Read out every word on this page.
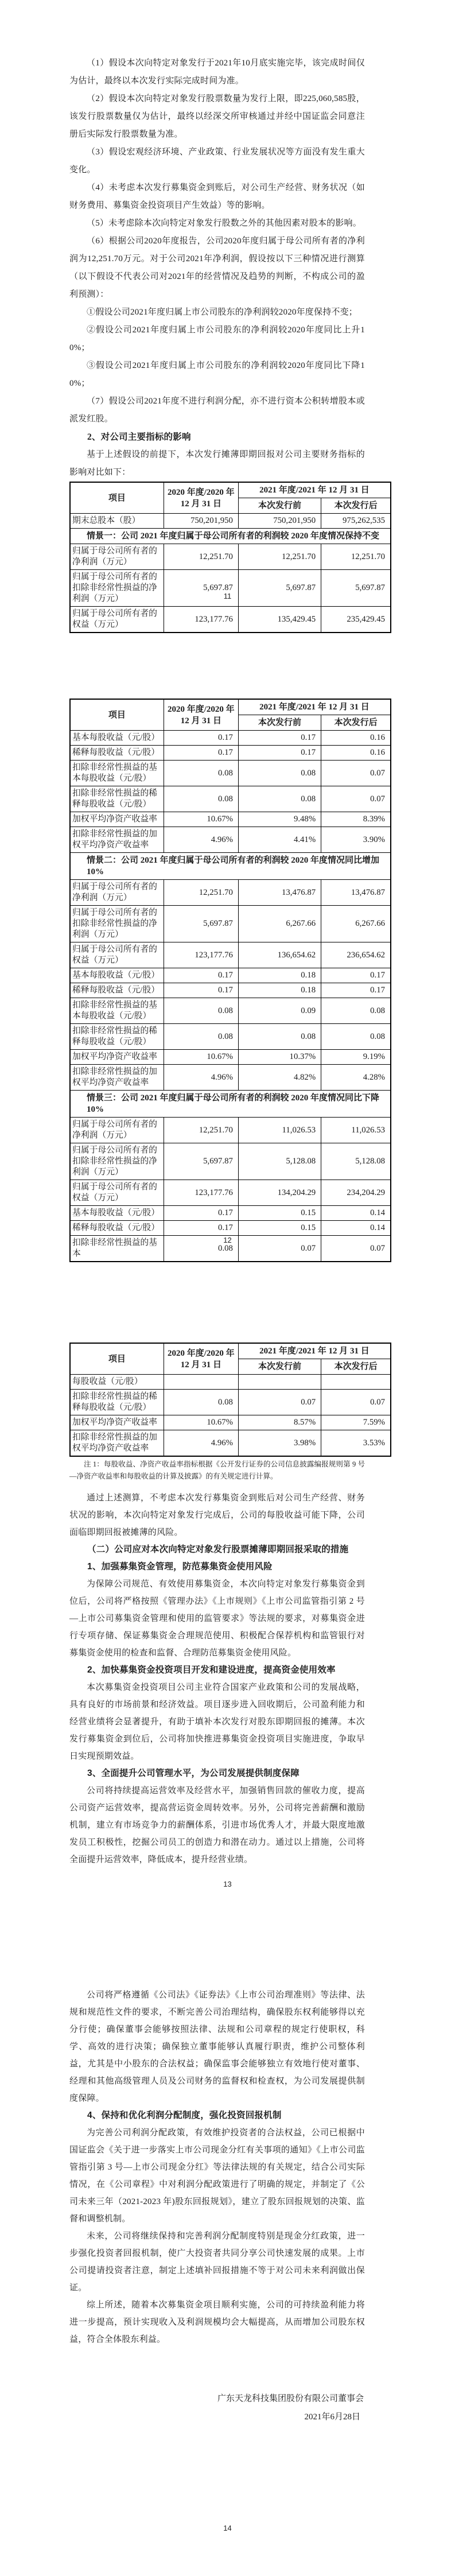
（1）假设本次向特定对象发行于2021年10月底实施完毕，该完成时间仅为估计，最终以本次发行实际完成时间为准。

（2）假设本次向特定对象发行股票数量为发行上限，即225,060,585股，该发行股票数量仅为估计，最终以经深交所审核通过并经中国证监会同意注册后实际发行股票数量为准。

（3）假设宏观经济环境、产业政策、行业发展状况等方面没有发生重大变化。

（4）未考虑本次发行募集资金到账后，对公司生产经营、财务状况（如财务费用、募集资金投资项目产生效益）等的影响。

（5）未考虑除本次向特定对象发行股数之外的其他因素对股本的影响。

（6）根据公司2020年度报告，公司2020年度归属于母公司所有者的净利润为12,251.70万元。对于公司2021年净利润，假设按以下三种情况进行测算（以下假设不代表公司对2021年的经营情况及趋势的判断，不构成公司的盈利预测）：

①假设公司2021年度归属上市公司股东的净利润较2020年度保持不变；

②假设公司2021年度归属上市公司股东的净利润较2020年度同比上升10%；

③假设公司2021年度归属上市公司股东的净利润较2020年度同比下降10%；

（7）假设公司2021年度不进行利润分配，亦不进行资本公积转增股本或派发红股。

2、对公司主要指标的影响

基于上述假设的前提下，本次发行摊薄即期回报对公司主要财务指标的影响对比如下：

项目	2020 年度/2020 年 12 月 31 日	2021 年度/2021 年 12 月 31 日	
		本次发行前	本次发行后
期末总股本（股）	750,201,950	750,201,950	975,262,535
情景一：公司 2021 年度归属于母公司所有者的利润较 2020 年度情况保持不变			
归属于母公司所有者的净利润（万元）	12,251.70	12,251.70	12,251.70
归属于母公司所有者的扣除非经常性损益的净利润（万元）	5,697.87	5,697.87	5,697.87
归属于母公司所有者的权益（万元）	123,177.76	135,429.45	235,429.45
11
项目	2020 年度/2020 年 12 月 31 日	2021 年度/2021 年 12 月 31 日	
		本次发行前	本次发行后
基本每股收益（元/股）	0.17	0.17	0.16
稀释每股收益（元/股）	0.17	0.17	0.16
扣除非经常性损益的基本每股收益（元/股）	0.08	0.08	0.07
扣除非经常性损益的稀释每股收益（元/股）	0.08	0.08	0.07
加权平均净资产收益率	10.67%	9.48%	8.39%
扣除非经常性损益的加权平均净资产收益率	4.96%	4.41%	3.90%
情景二：公司 2021 年度归属于母公司所有者的利润较 2020 年度情况同比增加 10%			
归属于母公司所有者的净利润（万元）	12,251.70	13,476.87	13,476.87
归属于母公司所有者的扣除非经常性损益的净利润（万元）	5,697.87	6,267.66	6,267.66
归属于母公司所有者的权益（万元）	123,177.76	136,654.62	236,654.62
基本每股收益（元/股）	0.17	0.18	0.17
稀释每股收益（元/股）	0.17	0.18	0.17
扣除非经常性损益的基本每股收益（元/股）	0.08	0.09	0.08
扣除非经常性损益的稀释每股收益（元/股）	0.08	0.08	0.08
加权平均净资产收益率	10.67%	10.37%	9.19%
扣除非经常性损益的加权平均净资产收益率	4.96%	4.82%	4.28%
情景三：公司 2021 年度归属于母公司所有者的利润较 2020 年度情况同比下降 10%			
归属于母公司所有者的净利润（万元）	12,251.70	11,026.53	11,026.53
归属于母公司所有者的扣除非经常性损益的净利润（万元）	5,697.87	5,128.08	5,128.08
归属于母公司所有者的权益（万元）	123,177.76	134,204.29	234,204.29
基本每股收益（元/股）	0.17	0.15	0.14
稀释每股收益（元/股）	0.17	0.15	0.14
扣除非经常性损益的基本	0.08	0.07	0.07
12
项目	2020 年度/2020 年 12 月 31 日	2021 年度/2021 年 12 月 31 日	
		本次发行前	本次发行后
每股收益（元/股）			
扣除非经常性损益的稀释每股收益（元/股）	0.08	0.07	0.07
加权平均净资产收益率	10.67%	8.57%	7.59%
扣除非经常性损益的加权平均净资产收益率	4.96%	3.98%	3.53%

注 1：每股收益、净资产收益率指标根据《公开发行证券的公司信息披露编报规则第 9 号—净资产收益率和每股收益的计算及披露》的有关规定进行计算。

通过上述测算，不考虑本次发行募集资金到账后对公司生产经营、财务状况的影响，本次向特定对象发行完成后，公司的每股收益可能下降，公司面临即期回报被摊薄的风险。

（二）公司应对本次向特定对象发行股票摊薄即期回报采取的措施

1、加强募集资金管理，防范募集资金使用风险

为保障公司规范、有效使用募集资金，本次向特定对象发行募集资金到位后，公司将严格按照《管理办法》《上市规则》《上市公司监管指引第 2 号—上市公司募集资金管理和使用的监管要求》等法规的要求，对募集资金进行专项存储、保证募集资金合理规范使用、积极配合保荐机构和监管银行对募集资金使用的检查和监督、合理防范募集资金使用风险。

2、加快募集资金投资项目开发和建设进度，提高资金使用效率

本次募集资金投资项目公司主业符合国家产业政策和公司的发展战略，具有良好的市场前景和经济效益。项目逐步进入回收期后，公司盈利能力和经营业绩将会显著提升，有助于填补本次发行对股东即期回报的摊薄。本次发行募集资金到位后，公司将加快推进募集资金投资项目实施进度，争取早日实现预期效益。

3、全面提升公司管理水平，为公司发展提供制度保障

公司将持续提高运营效率及经营水平，加强销售回款的催收力度，提高公司资产运营效率，提高营运资金周转效率。另外，公司将完善薪酬和激励机制，建立有市场竞争力的薪酬体系，引进市场优秀人才，并最大限度地激发员工积极性，挖掘公司员工的创造力和潜在动力。通过以上措施，公司将全面提升运营效率，降低成本，提升经营业绩。

13

公司将严格遵循《公司法》《证券法》《上市公司治理准则》等法律、法规和规范性文件的要求，不断完善公司治理结构，确保股东权利能够得以充分行使；确保董事会能够按照法律、法规和公司章程的规定行使职权，科学、高效的进行决策；确保独立董事能够认真履行职责，维护公司整体利益，尤其是中小股东的合法权益；确保监事会能够独立有效地行使对董事、经理和其他高级管理人员及公司财务的监督权和检查权，为公司发展提供制度保障。

4、保持和优化利润分配制度，强化投资回报机制

为完善公司利润分配政策，有效维护投资者的合法权益，公司已根据中国证监会《关于进一步落实上市公司现金分红有关事项的通知》《上市公司监管指引第 3 号—上市公司现金分红》等法律法规的有关规定，结合公司实际情况，在《公司章程》中对利润分配政策进行了明确的规定，并制定了《公司未来三年（2021-2023 年)股东回报规划》，建立了股东回报规划的决策、监督和调整机制。

未来，公司将继续保持和完善利润分配制度特别是现金分红政策，进一步强化投资者回报机制，使广大投资者共同分享公司快速发展的成果。上市公司提请投资者注意，制定上述填补回报措施不等于对公司未来利润做出保证。

综上所述，随着本次募集资金项目顺利实施，公司的可持续盈利能力将进一步提高，预计实现收入及利润规模均会大幅提高，从而增加公司股东权益，符合全体股东利益。

广东天龙科技集团股份有限公司董事会
2021年6月28日
14
